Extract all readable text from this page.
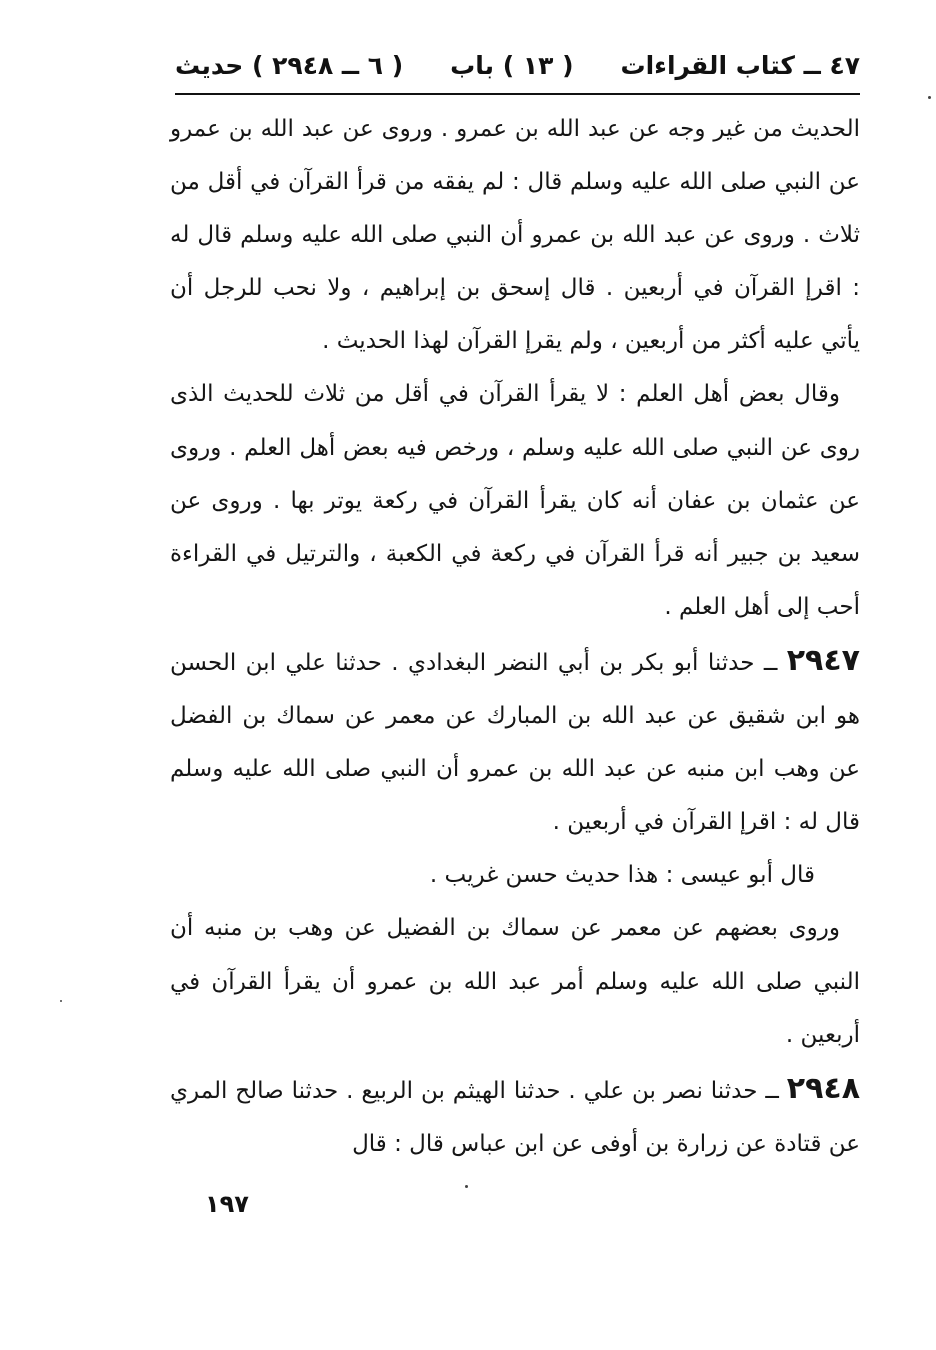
٤٧ ــ كتاب القراءات
( ١٣ ) باب
( ٦ ــ ٢٩٤٨ ) حديث

الحديث من غير وجه عن عبد الله بن عمرو . وروى عن عبد الله بن عمرو عن النبي صلى الله عليه وسلم قال : لم يفقه من قرأ القرآن في أقل من ثلاث . وروى عن عبد الله بن عمرو أن النبي صلى الله عليه وسلم قال له : اقرإ القرآن في أربعين . قال إسحق بن إبراهيم ، ولا نحب للرجل أن يأتي عليه أكثر من أربعين ، ولم يقرإ القرآن لهذا الحديث .

وقال بعض أهل العلم : لا يقرأ القرآن في أقل من ثلاث للحديث الذى روى عن النبي صلى الله عليه وسلم ، ورخص فيه بعض أهل العلم . وروى عن عثمان بن عفان أنه كان يقرأ القرآن في ركعة يوتر بها . وروى عن سعيد بن جبير أنه قرأ القرآن في ركعة في الكعبة ، والترتيل في القراءة أحب إلى أهل العلم .

٢٩٤٧ ــ حدثنا أبو بكر بن أبي النضر البغدادي . حدثنا علي ابن الحسن هو ابن شقيق عن عبد الله بن المبارك عن معمر عن سماك بن الفضل عن وهب ابن منبه عن عبد الله بن عمرو أن النبي صلى الله عليه وسلم قال له : اقرإ القرآن في أربعين .

قال أبو عيسى : هذا حديث حسن غريب .

وروى بعضهم عن معمر عن سماك بن الفضيل عن وهب بن منبه أن النبي صلى الله عليه وسلم أمر عبد الله بن عمرو أن يقرأ القرآن في أربعين .

٢٩٤٨ ــ حدثنا نصر بن علي . حدثنا الهيثم بن الربيع . حدثنا صالح المري عن قتادة عن زرارة بن أوفى عن ابن عباس قال : قال

١٩٧
